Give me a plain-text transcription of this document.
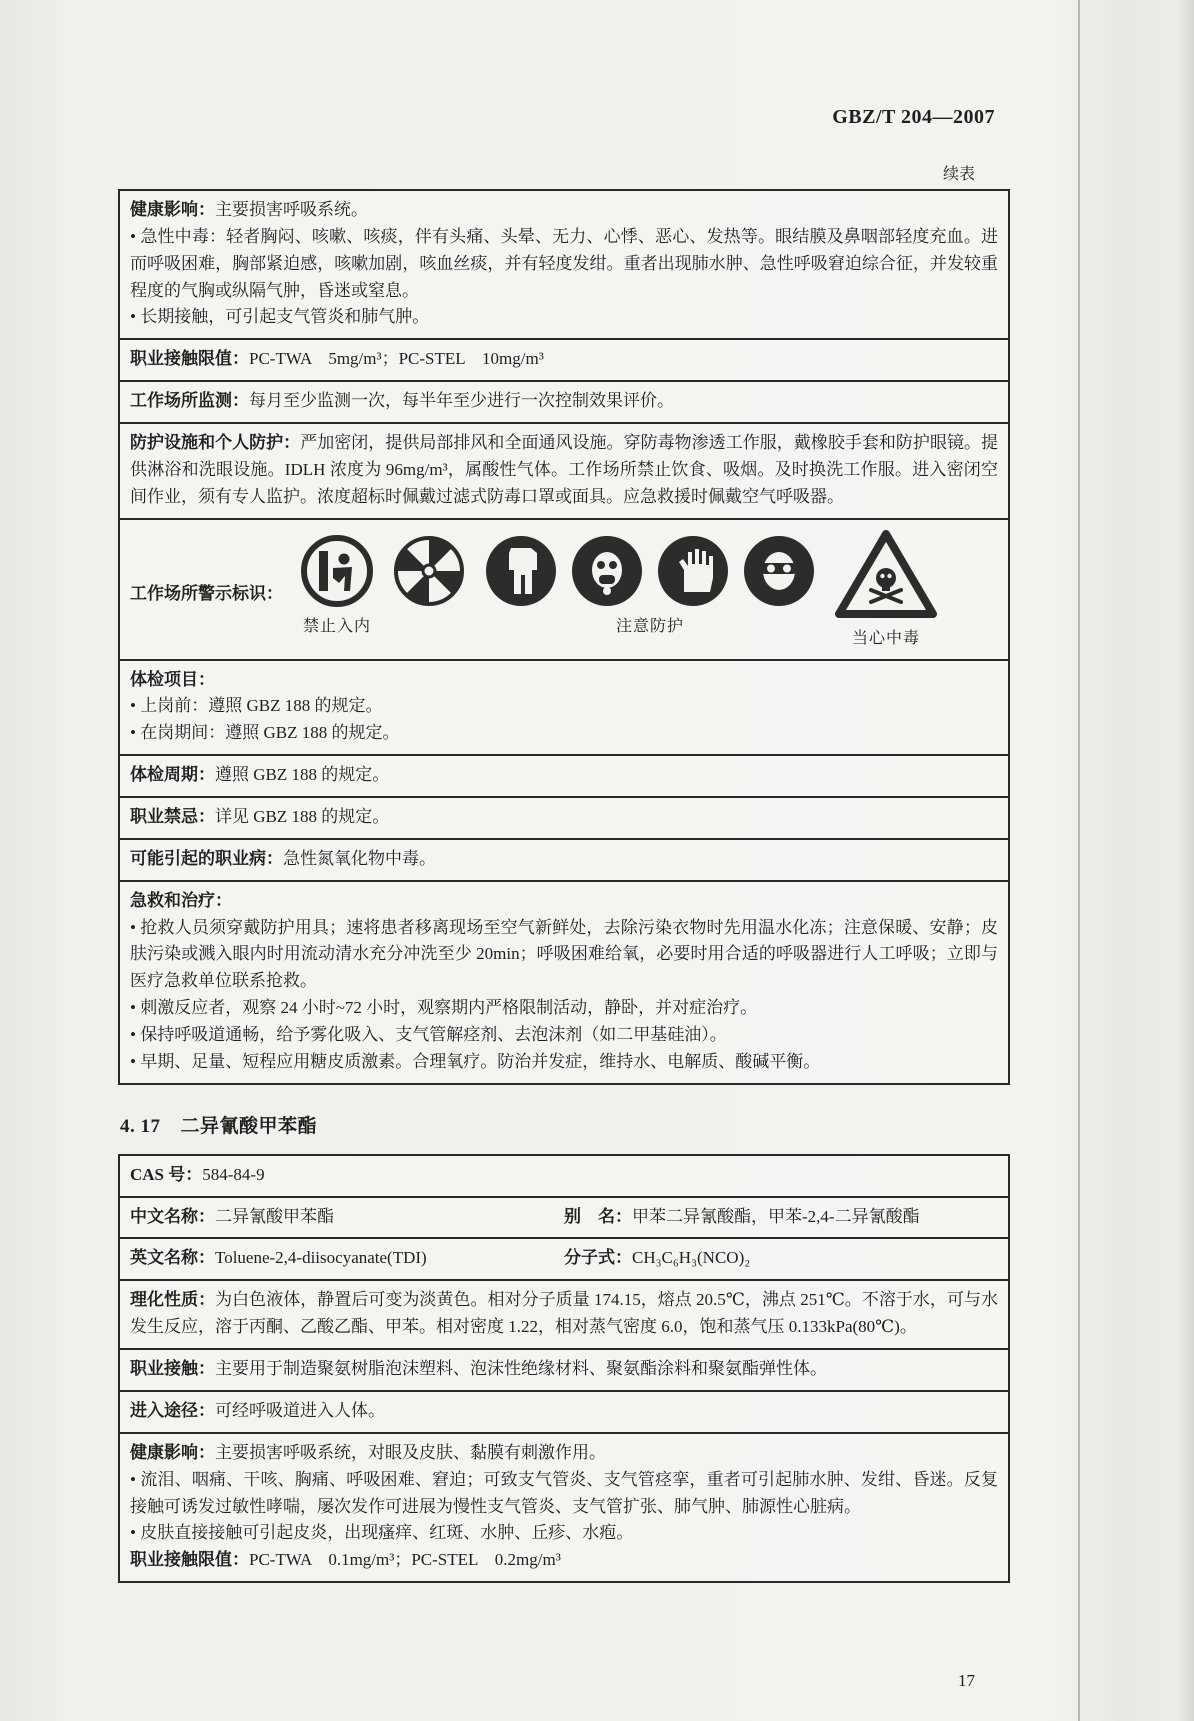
GBZ/T 204—2007
续表

健康影响：主要损害呼吸系统。

• 急性中毒：轻者胸闷、咳嗽、咳痰，伴有头痛、头晕、无力、心悸、恶心、发热等。眼结膜及鼻咽部轻度充血。进而呼吸困难，胸部紧迫感，咳嗽加剧，咳血丝痰，并有轻度发绀。重者出现肺水肿、急性呼吸窘迫综合征，并发较重程度的气胸或纵隔气肿，昏迷或窒息。

• 长期接触，可引起支气管炎和肺气肿。

职业接触限值：PC-TWA　5mg/m³；PC-STEL　10mg/m³

工作场所监测：每月至少监测一次，每半年至少进行一次控制效果评价。

防护设施和个人防护：严加密闭，提供局部排风和全面通风设施。穿防毒物渗透工作服，戴橡胶手套和防护眼镜。提供淋浴和洗眼设施。IDLH 浓度为 96mg/m³，属酸性气体。工作场所禁止饮食、吸烟。及时换洗工作服。进入密闭空间作业，须有专人监护。浓度超标时佩戴过滤式防毒口罩或面具。应急救援时佩戴空气呼吸器。

工作场所警示标识：
禁止入内	注意防护
当心中毒

体检项目：

• 上岗前：遵照 GBZ 188 的规定。

• 在岗期间：遵照 GBZ 188 的规定。

体检周期：遵照 GBZ 188 的规定。

职业禁忌：详见 GBZ 188 的规定。

可能引起的职业病：急性氮氧化物中毒。

急救和治疗：

• 抢救人员须穿戴防护用具；速将患者移离现场至空气新鲜处，去除污染衣物时先用温水化冻；注意保暖、安静；皮肤污染或溅入眼内时用流动清水充分冲洗至少 20min；呼吸困难给氧，必要时用合适的呼吸器进行人工呼吸；立即与医疗急救单位联系抢救。

• 刺激反应者，观察 24 小时~72 小时，观察期内严格限制活动，静卧，并对症治疗。

• 保持呼吸道通畅，给予雾化吸入、支气管解痉剂、去泡沫剂（如二甲基硅油）。

• 早期、足量、短程应用糖皮质激素。合理氧疗。防治并发症，维持水、电解质、酸碱平衡。

4. 17 二异氰酸甲苯酯

CAS 号：584-84-9

中文名称：二异氰酸甲苯酯	别　名：甲苯二异氰酸酯，甲苯-2,4-二异氰酸酯

英文名称：Toluene-2,4-diisocyanate(TDI)	分子式：CH₃C₆H₃(NCO)₂

理化性质：为白色液体，静置后可变为淡黄色。相对分子质量 174.15，熔点 20.5℃，沸点 251℃。不溶于水，可与水发生反应，溶于丙酮、乙酸乙酯、甲苯。相对密度 1.22，相对蒸气密度 6.0，饱和蒸气压 0.133kPa(80℃)。

职业接触：主要用于制造聚氨树脂泡沫塑料、泡沫性绝缘材料、聚氨酯涂料和聚氨酯弹性体。

进入途径：可经呼吸道进入人体。

健康影响：主要损害呼吸系统，对眼及皮肤、黏膜有刺激作用。

• 流泪、咽痛、干咳、胸痛、呼吸困难、窘迫；可致支气管炎、支气管痉挛，重者可引起肺水肿、发绀、昏迷。反复接触可诱发过敏性哮喘，屡次发作可进展为慢性支气管炎、支气管扩张、肺气肿、肺源性心脏病。

• 皮肤直接接触可引起皮炎，出现瘙痒、红斑、水肿、丘疹、水疱。

职业接触限值：PC-TWA　0.1mg/m³；PC-STEL　0.2mg/m³

17
